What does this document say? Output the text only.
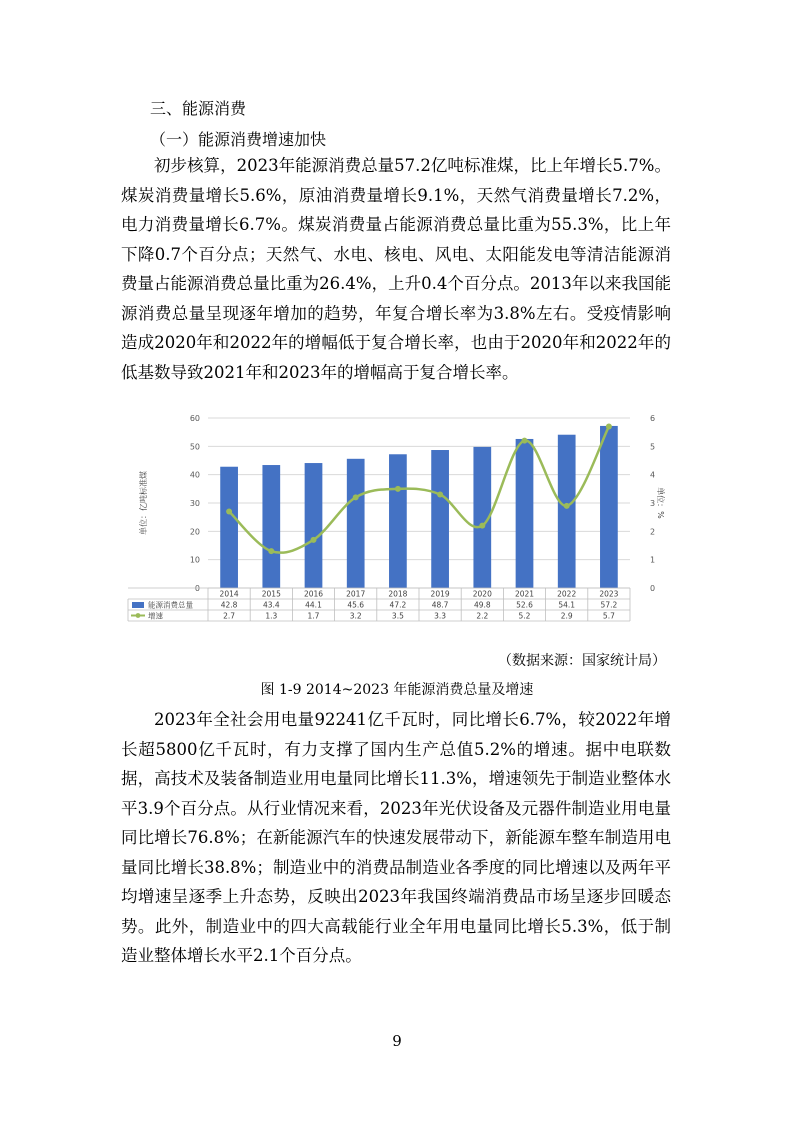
三、能源消费
（一）能源消费增速加快

初步核算，2023年能源消费总量57.2亿吨标准煤，比上年增长5.7%。煤炭消费量增长5.6%，原油消费量增长9.1%，天然气消费量增长7.2%，电力消费量增长6.7%。煤炭消费量占能源消费总量比重为55.3%，比上年下降0.7个百分点；天然气、水电、核电、风电、太阳能发电等清洁能源消费量占能源消费总量比重为26.4%，上升0.4个百分点。2013年以来我国能源消费总量呈现逐年增加的趋势，年复合增长率为3.8%左右。受疫情影响造成2020年和2022年的增幅低于复合增长率，也由于2020年和2022年的低基数导致2021年和2023年的增幅高于复合增长率。

0
10
20
30
40
50
60
0
1
2
3
4
5
6
单位：亿吨标准煤	单位：%
2014	2015	2016	2017	2018	2019	2020	2021	2022	2023
能源消费总量	42.8	43.4	44.1	45.6	47.2	48.7	49.8	52.6	54.1	57.2
增速	2.7	1.3	1.7	3.2	3.5	3.3	2.2	5.2	2.9	5.7
（数据来源：国家统计局）
图 1-9 2014~2023 年能源消费总量及增速

2023年全社会用电量92241亿千瓦时，同比增长6.7%，较2022年增长超5800亿千瓦时，有力支撑了国内生产总值5.2%的增速。据中电联数据，高技术及装备制造业用电量同比增长11.3%，增速领先于制造业整体水平3.9个百分点。从行业情况来看，2023年光伏设备及元器件制造业用电量同比增长76.8%；在新能源汽车的快速发展带动下，新能源车整车制造用电量同比增长38.8%；制造业中的消费品制造业各季度的同比增速以及两年平均增速呈逐季上升态势，反映出2023年我国终端消费品市场呈逐步回暖态势。此外，制造业中的四大高载能行业全年用电量同比增长5.3%，低于制造业整体增长水平2.1个百分点。

9
